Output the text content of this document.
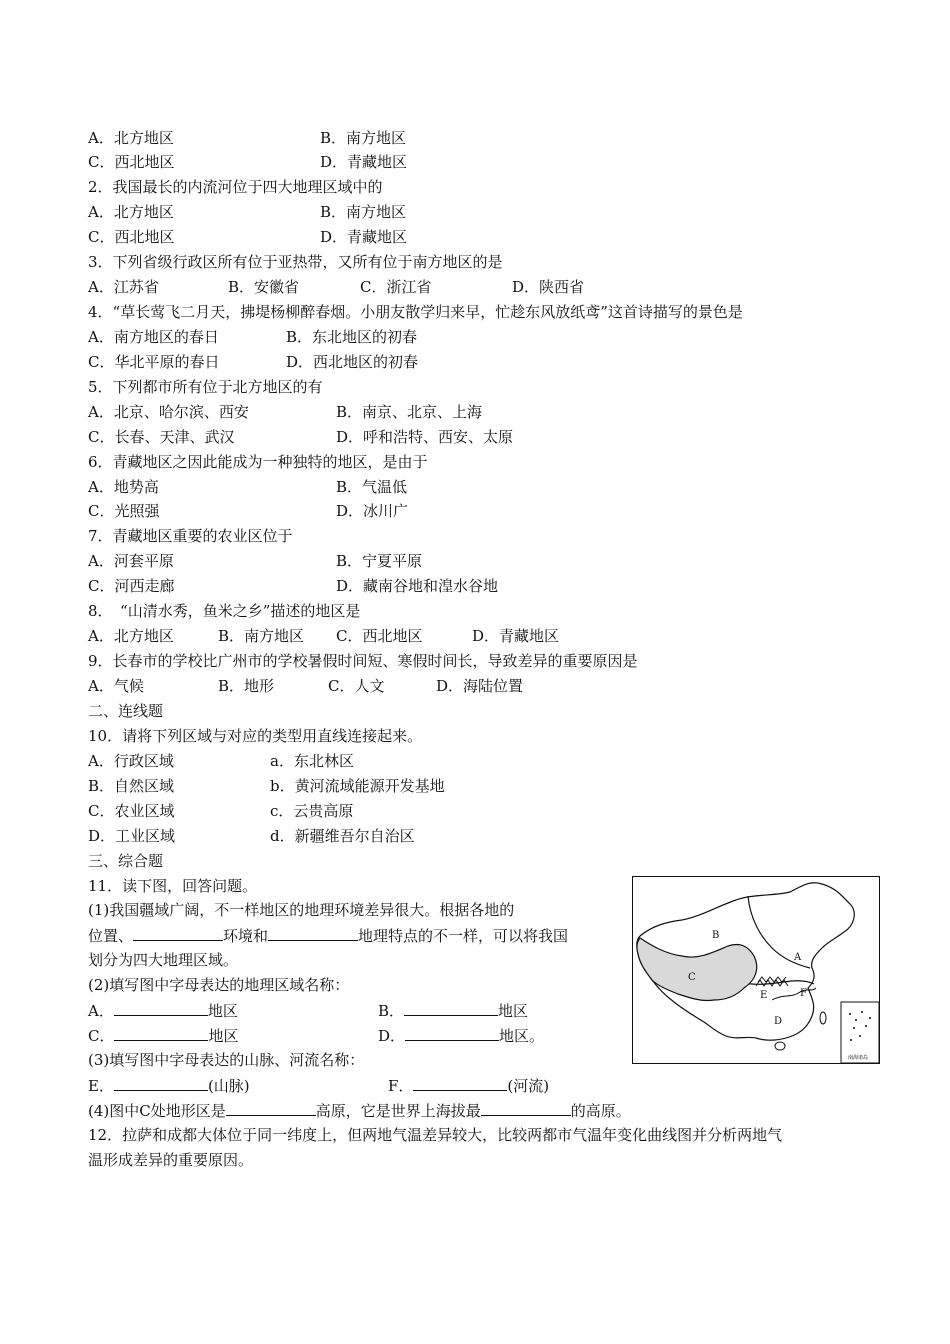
A．北方地区	B．南方地区
C．西北地区	D．青藏地区
2．我国最长的内流河位于四大地理区域中的
A．北方地区	B．南方地区
C．西北地区	D．青藏地区
3．下列省级行政区所有位于亚热带，又所有位于南方地区的是
A．江苏省	B．安徽省	C．浙江省	D．陕西省
4．“草长莺飞二月天，拂堤杨柳醉春烟。小朋友散学归来早，忙趁东风放纸鸢”这首诗描写的景色是
A．南方地区的春日	B．东北地区的初春
C．华北平原的春日	D．西北地区的初春
5．下列都市所有位于北方地区的有
A．北京、哈尔滨、西安	B．南京、北京、上海
C．长春、天津、武汉	D．呼和浩特、西安、太原
6．青藏地区之因此能成为一种独特的地区，是由于
A．地势高	B．气温低
C．光照强	D．冰川广
7．青藏地区重要的农业区位于
A．河套平原	B．宁夏平原
C．河西走廊	D．藏南谷地和湟水谷地
8．　“山清水秀，鱼米之乡”描述的地区是
A．北方地区	B．南方地区 C．西北地区	D．青藏地区
9．长春市的学校比广州市的学校暑假时间短、寒假时间长，导致差异的重要原因是
A．气候	B．地形	C．人文	D．海陆位置
二、连线题
10．请将下列区域与对应的类型用直线连接起来。
A．行政区域	a．东北林区
B．自然区域	b．黄河流域能源开发基地
C．农业区域	c．云贵高原
D．工业区域	d．新疆维吾尔自治区
三、综合题
11．读下图，回答问题。
(1)我国疆域广阔，不一样地区的地理环境差异很大。根据各地的
位置、	环境和	地理特点的不一样，可以将我国
划分为四大地理区域。
(2)填写图中字母表达的地理区域名称：
A．	地区	B．	地区
C．	地区	D．	地区。
(3)填写图中字母表达的山脉、河流名称：
E．	(山脉)	F．	(河流)
(4)图中C处地形区是	高原，它是世界上海拔最	的高原。
12．拉萨和成都大体位于同一纬度上，但两地气温差异较大，比较两都市气温年变化曲线图并分析两地气
温形成差异的重要原因。
南海诸岛
A
B
C
D
E	F
